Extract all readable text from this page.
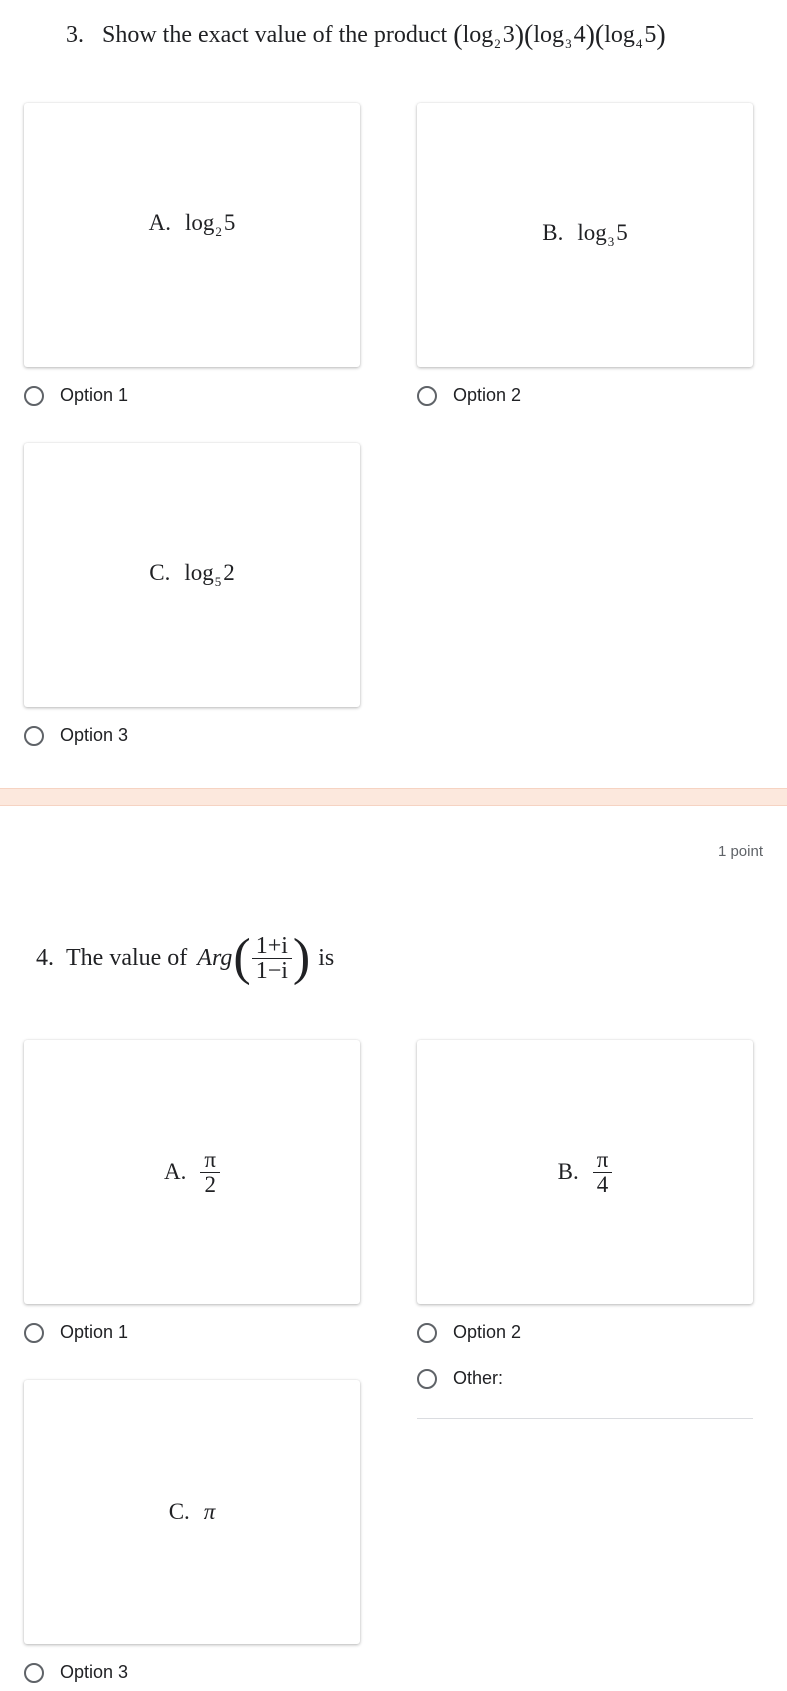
3. Show the exact value of the product $(\log_23)(\log_34)(\log_45)$
A. $\log_25$
Option 1
B. $\log_35$
Option 2
C. $\log_52$
Option 3
1 point
4. The value of Arg ( $\frac{1+i}{1-i}$ ) is
A. $\frac{\pi}{2}$
Option 1
B. $\frac{\pi}{4}$
Option 2
Other:
C. π
Option 3
